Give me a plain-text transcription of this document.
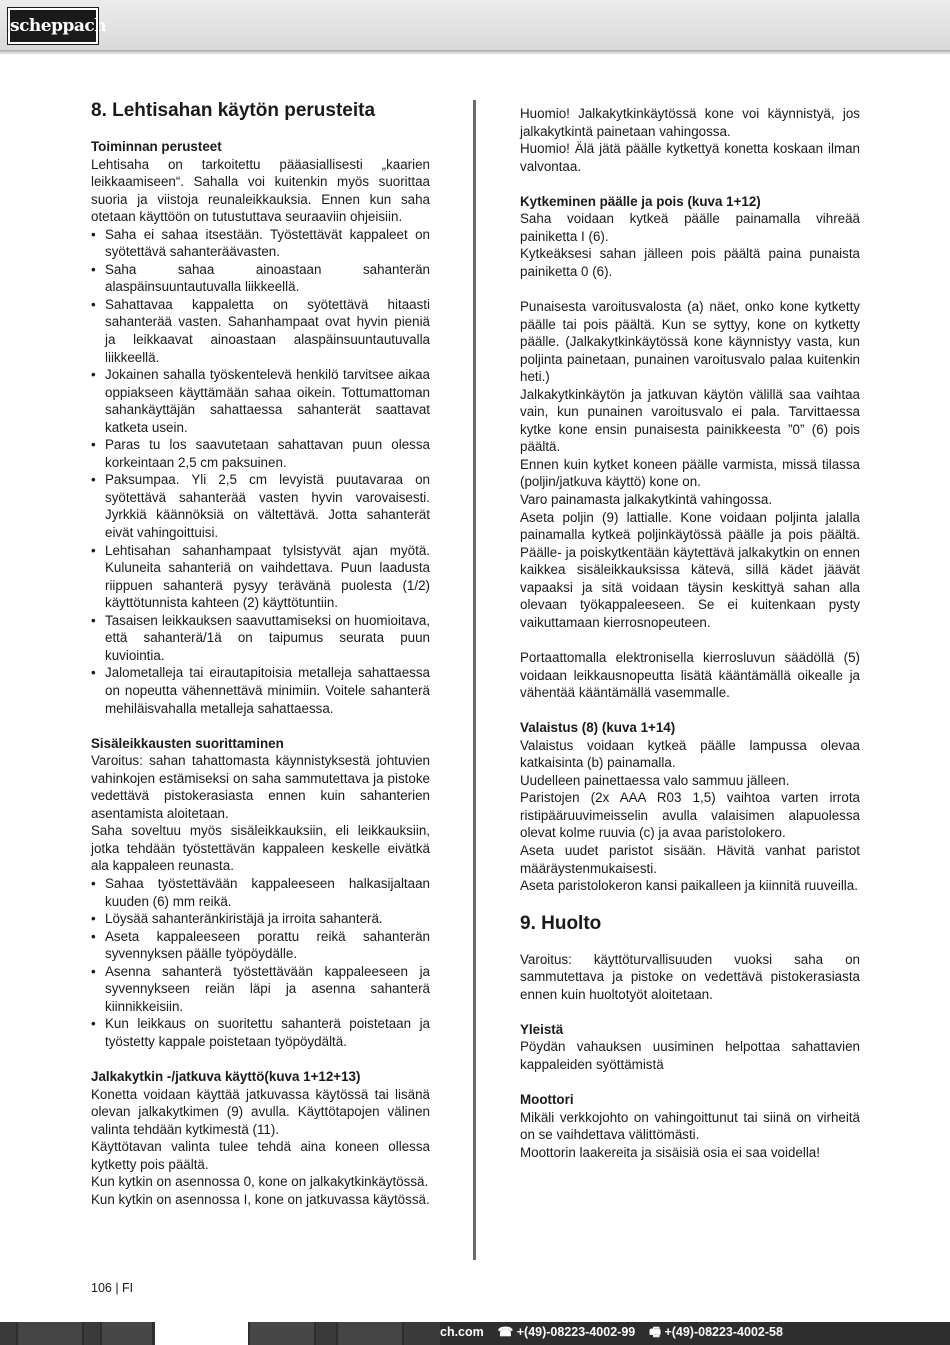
scheppach
8. Lehtisahan käytön perusteita
Toiminnan perusteet

Lehtisaha on tarkoitettu pääasiallisesti „kaarien leikkaamiseen“. Sahalla voi kuitenkin myös suorittaa suoria ja viistoja reunaleikkauksia. Ennen kun saha otetaan käyttöön on tutustuttava seuraaviin ohjeisiin.

• Saha ei sahaa itsestään. Työstettävät kappaleet on syötettävä sahanteräävasten.
• Saha sahaa ainoastaan sahanterän alaspäinsuuntautuvalla liikkeellä.
• Sahattavaa kappaletta on syötettävä hitaasti sahanterää vasten. Sahanhampaat ovat hyvin pieniä ja leikkaavat ainoastaan alaspäinsuuntautuvalla liikkeellä.
• Jokainen sahalla työskentelevä henkilö tarvitsee aikaa oppiakseen käyttämään sahaa oikein. Tottumattoman sahankäyttäjän sahattaessa sahanterät saattavat katketa usein.
• Paras tu los saavutetaan sahattavan puun olessa korkeintaan 2,5 cm paksuinen.
• Paksumpaa. Yli 2,5 cm levyistä puutavaraa on syötettävä sahanterää vasten hyvin varovaisesti. Jyrkkiä käännöksiä on vältettävä. Jotta sahanterät eivät vahingoittuisi.
• Lehtisahan sahanhampaat tylsistyvät ajan myötä. Kuluneita sahanteriä on vaihdettava. Puun laadusta riippuen sahanterä pysyy terävänä puolesta (1/2) käyttötunnista kahteen (2) käyttötuntiin.
• Tasaisen leikkauksen saavuttamiseksi on huomioitava, että sahanterä/1ä on taipumus seurata puun kuviointia.
• Jalometalleja tai eirautapitoisia metalleja sahattaessa on nopeutta vähennettävä minimiin. Voitele sahanterä mehiläisvahalla metalleja sahattaessa.
Sisäleikkausten suorittaminen

Varoitus: sahan tahattomasta käynnistyksestä johtuvien vahinkojen estämiseksi on saha sammutettava ja pistoke vedettävä pistokerasiasta ennen kuin sahanterien asentamista aloitetaan.

Saha soveltuu myös sisäleikkauksiin, eli leikkauksiin, jotka tehdään työstettävän kappaleen keskelle eivätkä ala kappaleen reunasta.

• Sahaa työstettävään kappaleeseen halkasijaltaan kuuden (6) mm reikä.
• Löysää sahanteränkiristäjä ja irroita sahanterä.
• Aseta kappaleeseen porattu reikä sahanterän syvennyksen päälle työpöydälle.
• Asenna sahanterä työstettävään kappaleeseen ja syvennykseen reiän läpi ja asenna sahanterä kiinnikkeisiin.
• Kun leikkaus on suoritettu sahanterä poistetaan ja työstetty kappale poistetaan työpöydältä.
Jalkakytkin -/jatkuva käyttö(kuva 1+12+13)

Konetta voidaan käyttää jatkuvassa käytössä tai lisänä olevan jalkakytkimen (9) avulla. Käyttötapojen välinen valinta tehdään kytkimestä (11).

Käyttötavan valinta tulee tehdä aina koneen ollessa kytketty pois päältä.

Kun kytkin on asennossa 0, kone on jalkakytkinkäytössä.

Kun kytkin on asennossa I, kone on jatkuvassa käytössä.

Huomio! Jalkakytkinkäytössä kone voi käynnistyä, jos jalkakytkintä painetaan vahingossa.

Huomio! Älä jätä päälle kytkettyä konetta koskaan ilman valvontaa.

Kytkeminen päälle ja pois (kuva 1+12)

Saha voidaan kytkeä päälle painamalla vihreää painiketta I (6).

Kytkeäksesi sahan jälleen pois päältä paina punaista painiketta 0 (6).

Punaisesta varoitusvalosta (a) näet, onko kone kytketty päälle tai pois päältä. Kun se syttyy, kone on kytketty päälle. (Jalkakytkinkäytössä kone käynnistyy vasta, kun poljinta painetaan, punainen varoitusvalo palaa kuitenkin heti.)

Jalkakytkinkäytön ja jatkuvan käytön välillä saa vaihtaa vain, kun punainen varoitusvalo ei pala. Tarvittaessa kytke kone ensin punaisesta painikkeesta ”0” (6) pois päältä.

Ennen kuin kytket koneen päälle varmista, missä tilassa (poljin/jatkuva käyttö) kone on.

Varo painamasta jalkakytkintä vahingossa.

Aseta poljin (9) lattialle. Kone voidaan poljinta jalalla painamalla kytkeä poljinkäytössä päälle ja pois päältä. Päälle- ja poiskytkentään käytettävä jalkakytkin on ennen kaikkea sisäleikkauksissa kätevä, sillä kädet jäävät vapaaksi ja sitä voidaan täysin keskittyä sahan alla olevaan työkappaleeseen. Se ei kuitenkaan pysty vaikuttamaan kierrosnopeuteen.

Portaattomalla elektronisella kierrosluvun säädöllä (5) voidaan leikkausnopeutta lisätä kääntämällä oikealle ja vähentää kääntämällä vasemmalle.

Valaistus (8) (kuva 1+14)

Valaistus voidaan kytkeä päälle lampussa olevaa katkaisinta (b) painamalla.

Uudelleen painettaessa valo sammuu jälleen.

Paristojen (2x AAA R03 1,5) vaihtoa varten irrota ristipääruuvimeisselin avulla valaisimen alapuolessa olevat kolme ruuvia (c) ja avaa paristolokero.

Aseta uudet paristot sisään. Hävitä vanhat paristot määräystenmukaisesti.

Aseta paristolokeron kansi paikalleen ja kiinnitä ruuveilla.

9. Huolto

Varoitus: käyttöturvallisuuden vuoksi saha on sammutettava ja pistoke on vedettävä pistokerasiasta ennen kuin huoltotyöt aloitetaan.

Yleistä

Pöydän vahauksen uusiminen helpottaa sahattavien kappaleiden syöttämistä

Moottori

Mikäli verkkojohto on vahingoittunut tai siinä on virheitä on se vaihdettava välittömästi.

Moottorin laakereita ja sisäisiä osia ei saa voidella!

106 | FI
ch.com ☎ +(49)-08223-4002-99 🖷 +(49)-08223-4002-58
